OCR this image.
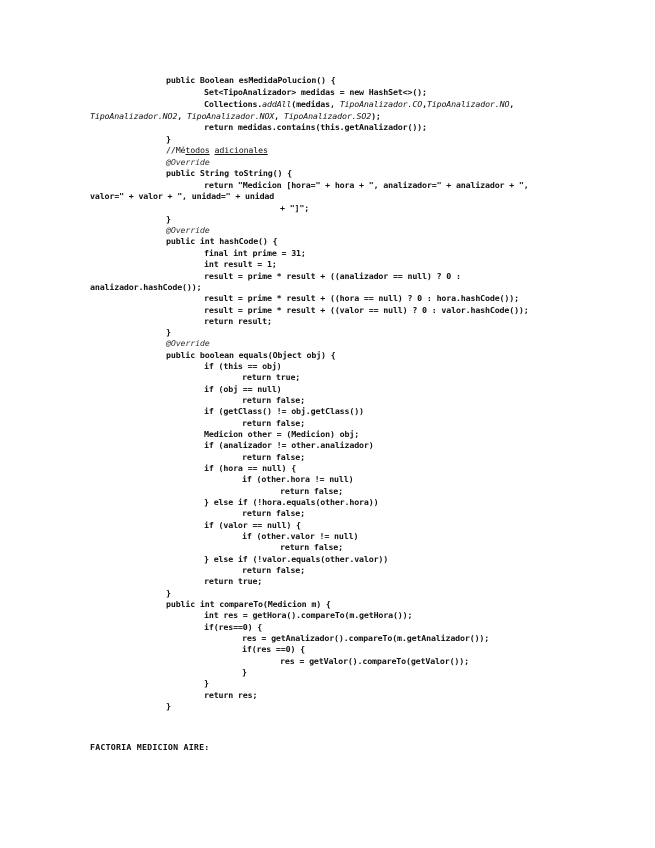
public Boolean esMedidaPolucion() {
Set<TipoAnalizador> medidas = new HashSet<>();
Collections.addAll(medidas, TipoAnalizador.CO,TipoAnalizador.NO,
TipoAnalizador.NO2, TipoAnalizador.NOX, TipoAnalizador.SO2);
return medidas.contains(this.getAnalizador());
}
//Métodos adicionales
@Override
public String toString() {
return "Medicion [hora=" + hora + ", analizador=" + analizador + ",
valor=" + valor + ", unidad=" + unidad
+ "]";
}
@Override
public int hashCode() {
final int prime = 31;
int result = 1;
result = prime * result + ((analizador == null) ? 0 :
analizador.hashCode());
result = prime * result + ((hora == null) ? 0 : hora.hashCode());
result = prime * result + ((valor == null) ? 0 : valor.hashCode());
return result;
}
@Override
public boolean equals(Object obj) {
if (this == obj)
return true;
if (obj == null)
return false;
if (getClass() != obj.getClass())
return false;
Medicion other = (Medicion) obj;
if (analizador != other.analizador)
return false;
if (hora == null) {
if (other.hora != null)
return false;
} else if (!hora.equals(other.hora))
return false;
if (valor == null) {
if (other.valor != null)
return false;
} else if (!valor.equals(other.valor))
return false;
return true;
}
public int compareTo(Medicion m) {
int res = getHora().compareTo(m.getHora());
if(res==0) {
res = getAnalizador().compareTo(m.getAnalizador());
if(res ==0) {
res = getValor().compareTo(getValor());
}
}
return res;
}
FACTORIA MEDICION AIRE:
